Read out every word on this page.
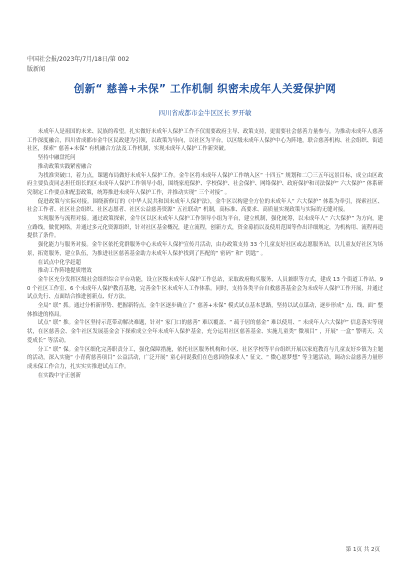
中国社会报/2023年/7月/18日/第 002
版新闻
创新“ 慈善+未保” 工作机制 织密未成年人关爱保护网
四川省成都市金牛区区长 罗开敏

未成年人是祖国的未来、民族的希望。扎实做好未成年人保护工作不仅需要政府主导、政策支持，更需要社会慈善力量参与。为推动未成年人慈善工作深度融合，四川省成都市金牛区民政建为引领，以政策为导向，以社区为平台，以区级未成年人保护中心为阵地，联合慈善机构、社会组织、街道社区，探索“ 慈善+未保” 有机融合方法及工作机制，实现未成年人保护工作新突破。

坚持中融盘托问

推动政策实践紧密融合

为找准突破口，着力点，课题布局做好未成年人保护工作。金牛区将未成年人保护工作纳入区“ 十四五” 规划和二〇三五年远景目标，成立由区政府主要负责同志担任组长的区未成年人保护工作领导小组，围绕家庭保护、学校保护、社会保护、网络保护、政府保护和司法保护“ 六大保护” 体系研究制定工作要点和配套政策，统筹推进未成年人保护工作，并推动实现“ 三个对接” 。

促进政策与实际对接。围绕新修订的《中华人民共和国未成年人保护法》，金牛区以构建全方位的未成年人“ 六大保护” 体系为牵引，探索社区、社会工作者、社区社会组织、社区志愿者、社区公益慈善资源“ 五社联动” 机制，高标准、高要求、高质量实现政策与实际的无缝对接。

实现服务与流程对接。通过政策探索，金牛区以区未成年人保护工作领导小组为平台，建立机制，强化统筹，以未成年人“ 六大保护” 为方向，建立路线，做优网络，并通过多元化资源组织，针对社区基金概况，建立流程，创新方式，资金募捐以及使用范围等作出详细规定，为机构用、流程再造提供了条件。

强化能力与服务对接。金牛区依托党群服务中心未成年人保护宣传月活动，由办政策支持 33 个儿童友好社区或志愿服务站，以儿童友好社区为场景，拓宽服务，建立队伍，为推进社区慈善基金助力未成年人保护找到了匹配的“ 密码” 和“ 钥匙” 。

在试点中化学赶超

推动工作阵地提质增效

金牛区充分发挥区级社会组织综合平台功能，设立区级未成年人保护工作总站，采取政府购买服务、人员兼职等方式，建成 13 个街道工作站、90 个社区工作室、6 个未成年人保护教育基地，完善金牛区未成年人工作体系。同时，支持各类平台自救慈善基金会为未成年人保护工作开展，并通过试点先行、点面结合推进创新点、好方法。

全局“ 联” 抓。通过分析新形势、把握新特点，金牛区逐步确立了“ 慈善+未保” 模式试点基本思路，坚持以试点谋动，逐步形成“ 点、线、面” 整体推进的格局。

试点“ 联” 推。金牛区坚持示范带动解决难题，针对“ 家门口的慈善” 难以覆盖、“ 疏于居的慈金” 难以使用、“ 未成年人六大保护” 信息落实等现状，在区慈善会、金牛社区发展基金会下探索成立全年未成年人保护基金，充分运用社区慈善基金、实施儿童类“ 微项目” ，开展“ 一盒” 警明天、关爱成长” 等活动。

分工“ 联” 保。金牛区细化完善职责分工，强化保障措施，依托社区服务机构和小区、社区学校等平台组织开展以家庭教育与儿童友好乡镇为主题的活动，深入实施“ 小青荷慈善项目” 公益活动，广泛开展“ 童心同说我们在色慈因伪保求人” 征文、“ 微心愿梦想” 等主题活动，调动公益慈善力量形成未保工作合力，扎实实实推进试点工作。

在实践中守正创新

第 1页 共 2页
